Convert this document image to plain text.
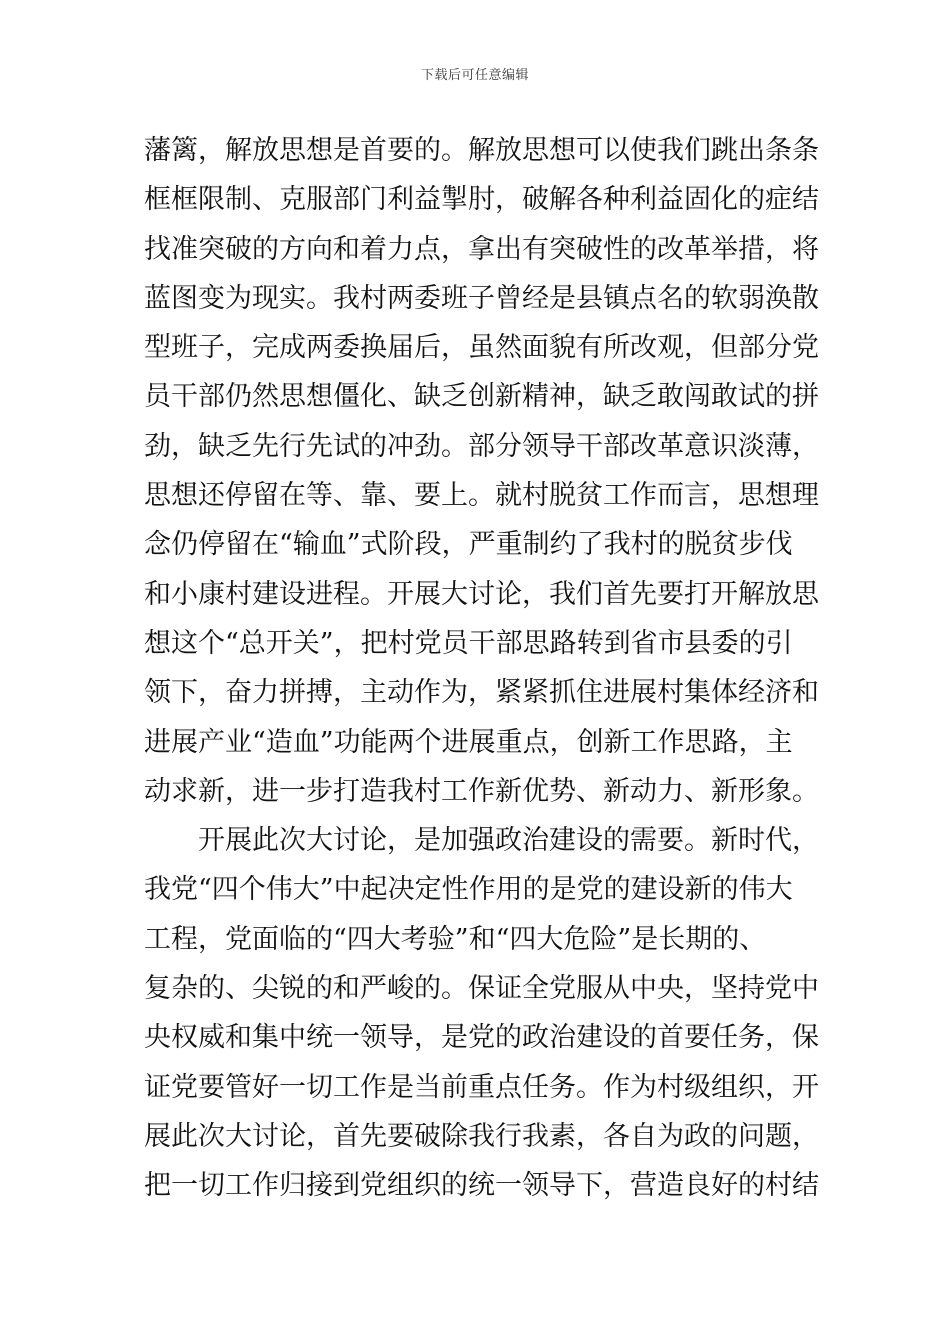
下载后可任意编辑
藩篱，解放思想是首要的。解放思想可以使我们跳出条条
框框限制、克服部门利益掣肘，破解各种利益固化的症结
找准突破的方向和着力点，拿出有突破性的改革举措，将
蓝图变为现实。我村两委班子曾经是县镇点名的软弱涣散
型班子，完成两委换届后，虽然面貌有所改观，但部分党
员干部仍然思想僵化、缺乏创新精神，缺乏敢闯敢试的拼
劲，缺乏先行先试的冲劲。部分领导干部改革意识淡薄，
思想还停留在等、靠、要上。就村脱贫工作而言，思想理
念仍停留在“输血”式阶段，严重制约了我村的脱贫步伐
和小康村建设进程。开展大讨论，我们首先要打开解放思
想这个“总开关”，把村党员干部思路转到省市县委的引
领下，奋力拼搏，主动作为，紧紧抓住进展村集体经济和
进展产业“造血”功能两个进展重点，创新工作思路，主
动求新，进一步打造我村工作新优势、新动力、新形象。
开展此次大讨论，是加强政治建设的需要。新时代，
我党“四个伟大”中起决定性作用的是党的建设新的伟大
工程，党面临的“四大考验”和“四大危险”是长期的、
复杂的、尖锐的和严峻的。保证全党服从中央，坚持党中
央权威和集中统一领导，是党的政治建设的首要任务，保
证党要管好一切工作是当前重点任务。作为村级组织，开
展此次大讨论，首先要破除我行我素，各自为政的问题，
把一切工作归接到党组织的统一领导下，营造良好的村结
